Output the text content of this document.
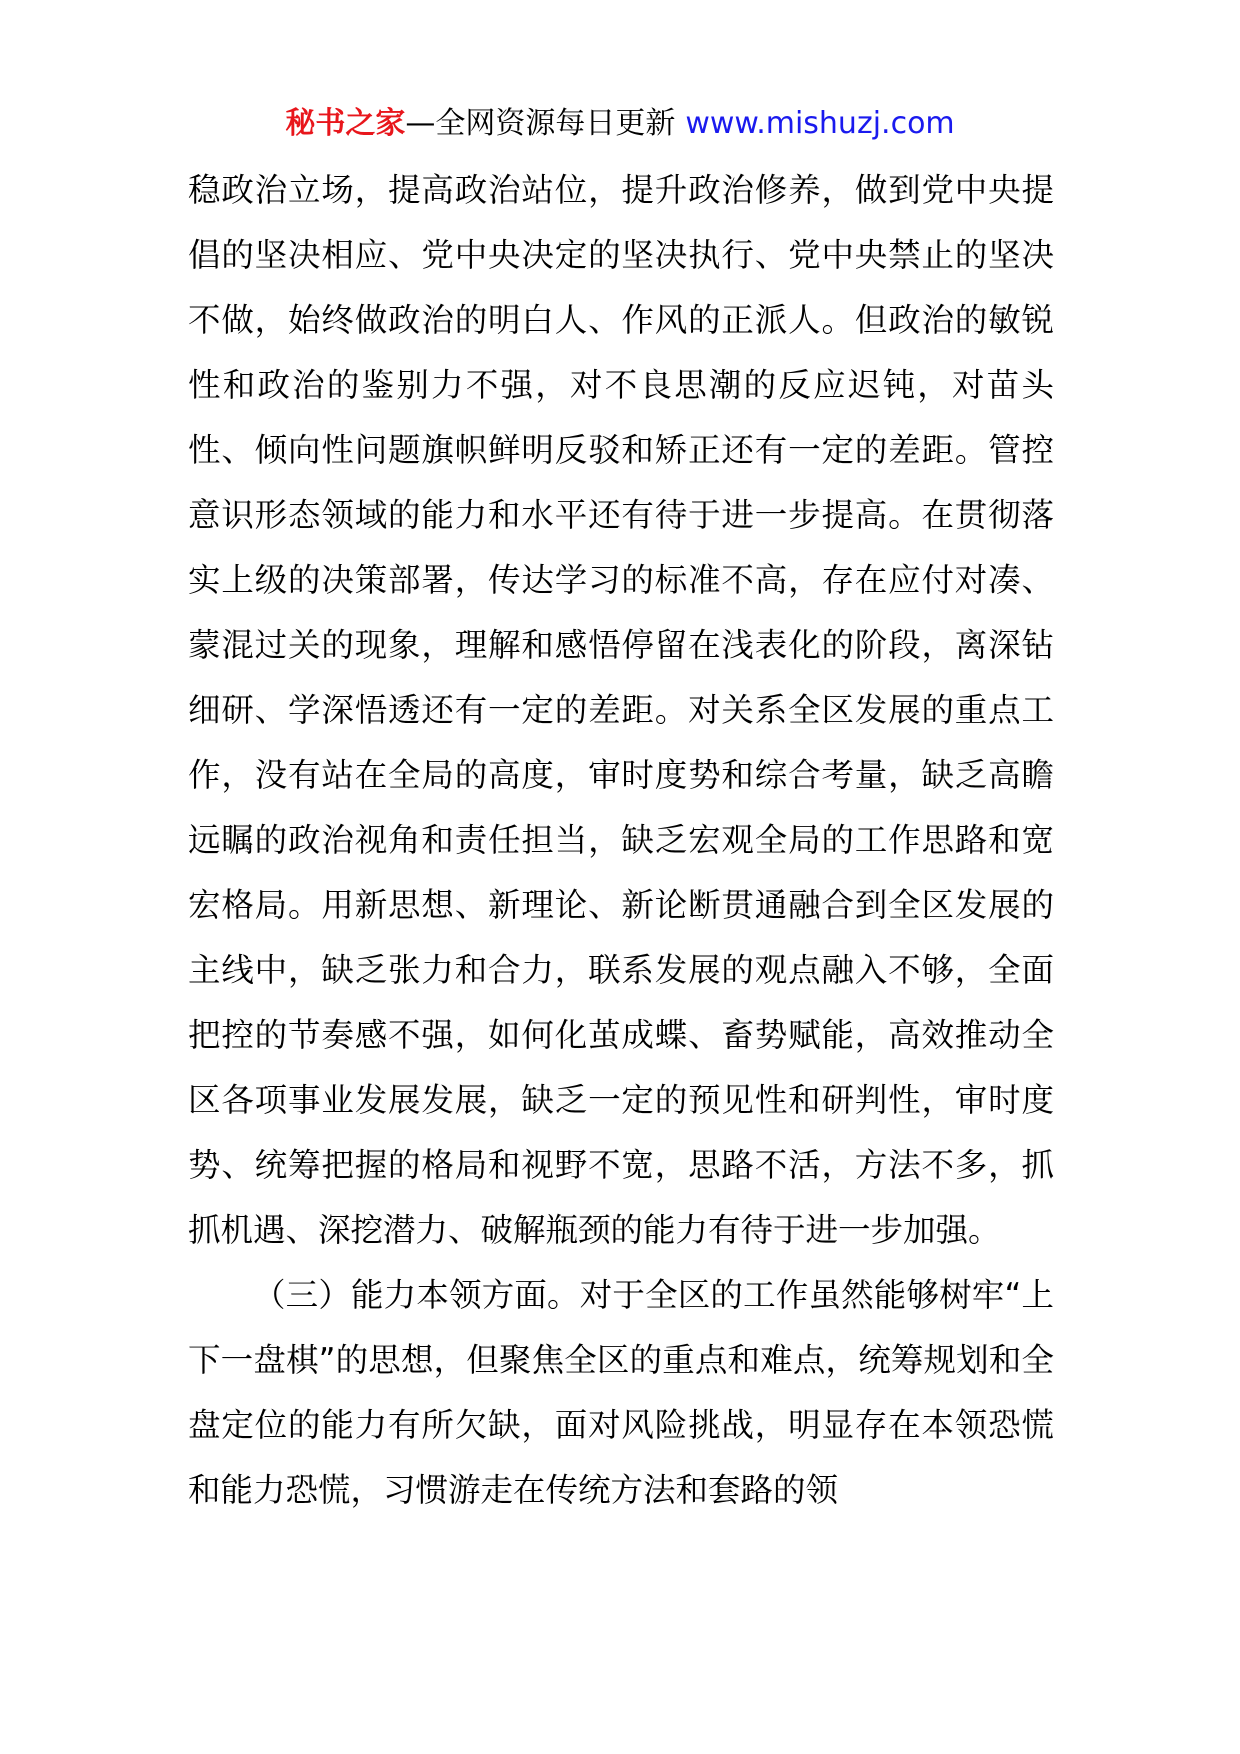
秘书之家—全网资源每日更新 www.mishuzj.com

稳政治立场，提高政治站位，提升政治修养，做到党中央提倡的坚决相应、党中央决定的坚决执行、党中央禁止的坚决不做，始终做政治的明白人、作风的正派人。但政治的敏锐性和政治的鉴别力不强，对不良思潮的反应迟钝，对苗头性、倾向性问题旗帜鲜明反驳和矫正还有一定的差距。管控意识形态领域的能力和水平还有待于进一步提高。在贯彻落实上级的决策部署，传达学习的标准不高，存在应付对凑、蒙混过关的现象，理解和感悟停留在浅表化的阶段，离深钻细研、学深悟透还有一定的差距。对关系全区发展的重点工作，没有站在全局的高度，审时度势和综合考量，缺乏高瞻远瞩的政治视角和责任担当，缺乏宏观全局的工作思路和宽宏格局。用新思想、新理论、新论断贯通融合到全区发展的主线中，缺乏张力和合力，联系发展的观点融入不够，全面把控的节奏感不强，如何化茧成蝶、畜势赋能，高效推动全区各项事业发展发展，缺乏一定的预见性和研判性，审时度势、统筹把握的格局和视野不宽，思路不活，方法不多，抓抓机遇、深挖潜力、破解瓶颈的能力有待于进一步加强。

（三）能力本领方面。对于全区的工作虽然能够树牢“上下一盘棋”的思想，但聚焦全区的重点和难点，统筹规划和全盘定位的能力有所欠缺，面对风险挑战，明显存在本领恐慌和能力恐慌，习惯游走在传统方法和套路的领
